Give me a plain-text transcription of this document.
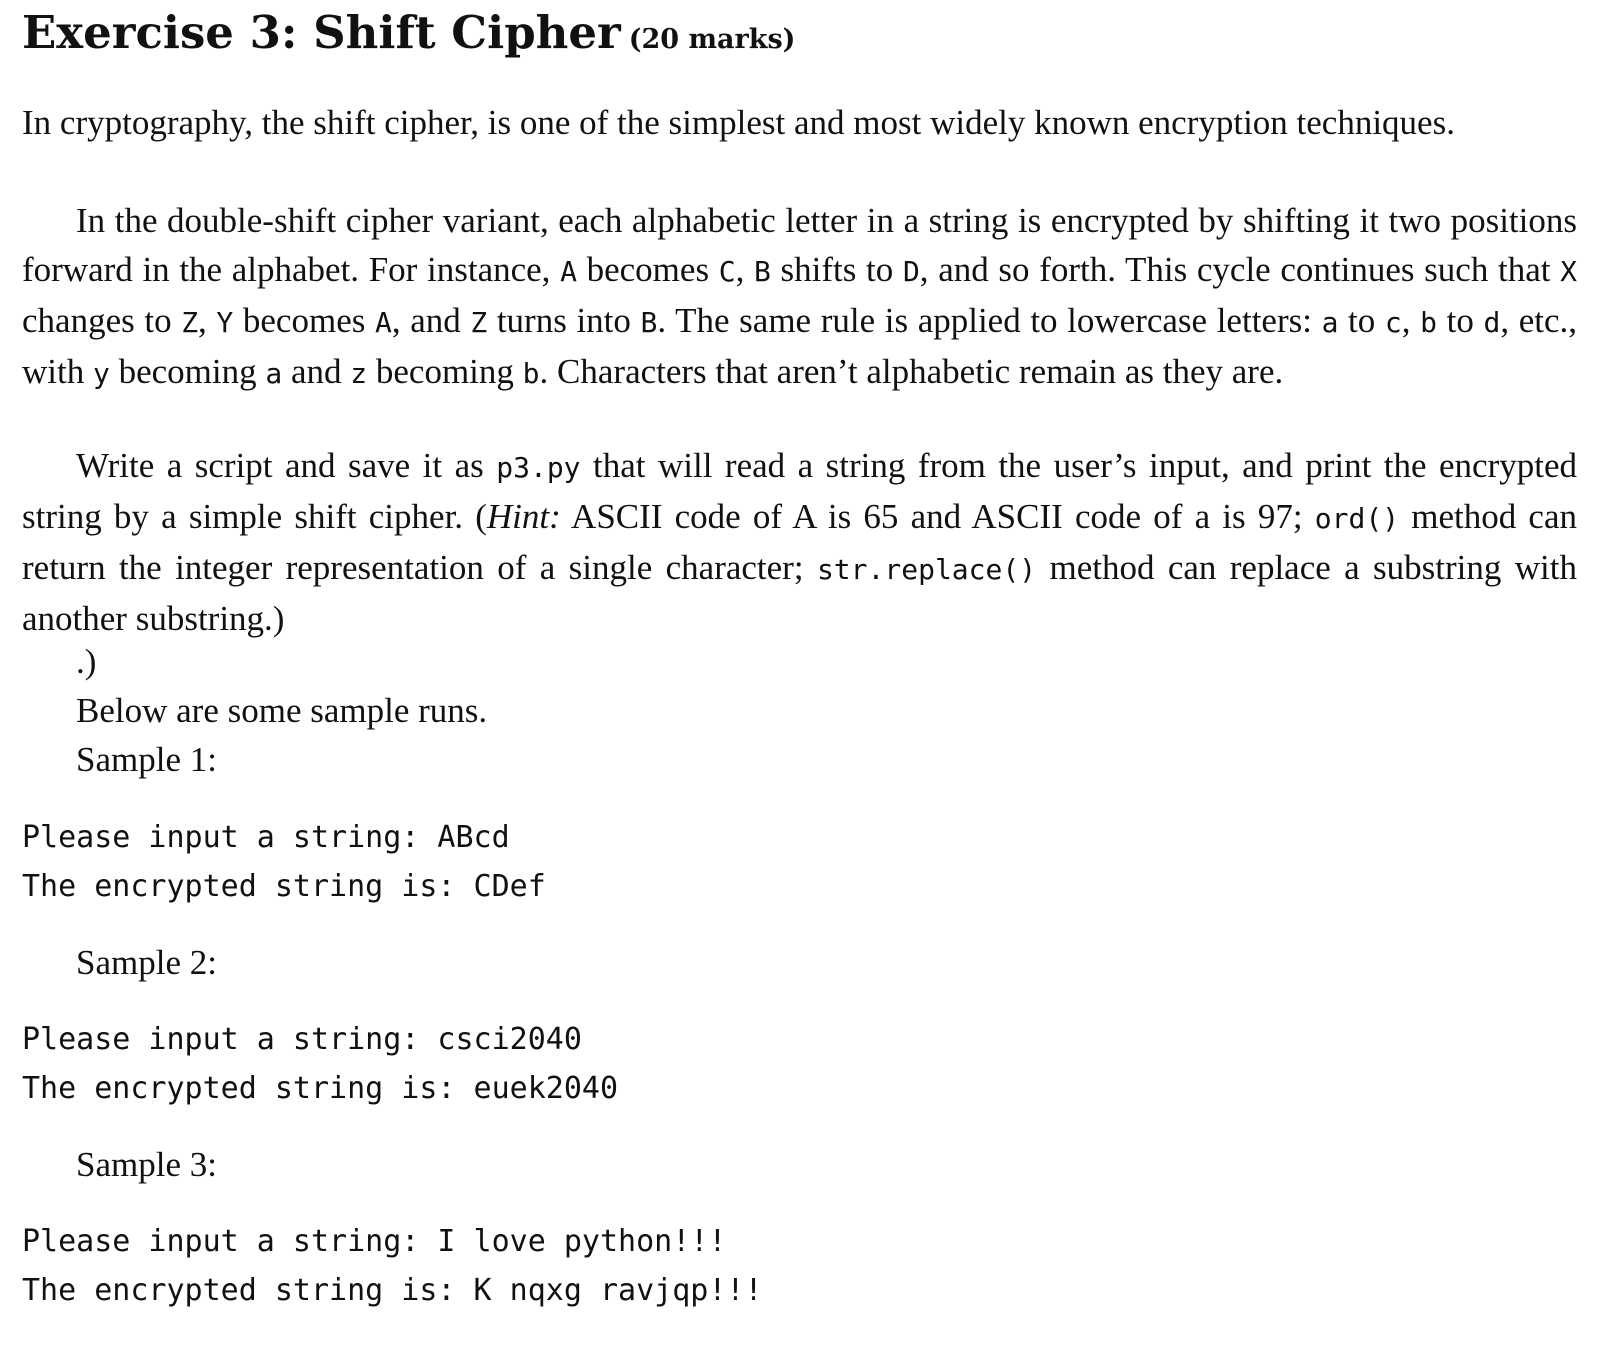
Exercise 3: Shift Cipher (20 marks)

In cryptography, the shift cipher, is one of the simplest and most widely known encryption techniques.

In the double-shift cipher variant, each alphabetic letter in a string is encrypted by shifting it two positions forward in the alphabet. For instance, A becomes C, B shifts to D, and so forth. This cycle continues such that X changes to Z, Y becomes A, and Z turns into B. The same rule is applied to lowercase letters: a to c, b to d, etc., with y becoming a and z becoming b. Characters that aren’t alphabetic remain as they are.

Write a script and save it as p3.py that will read a string from the user’s input, and print the encrypted string by a simple shift cipher. (Hint: ASCII code of A is 65 and ASCII code of a is 97; ord() method can return the integer representation of a single character; str.replace() method can replace a substring with another substring.)

.)

Below are some sample runs.

Sample 1:

Please input a string: ABcd
The encrypted string is: CDef

Sample 2:

Please input a string: csci2040
The encrypted string is: euek2040

Sample 3:

Please input a string: I love python!!!
The encrypted string is: K nqxg ravjqp!!!
